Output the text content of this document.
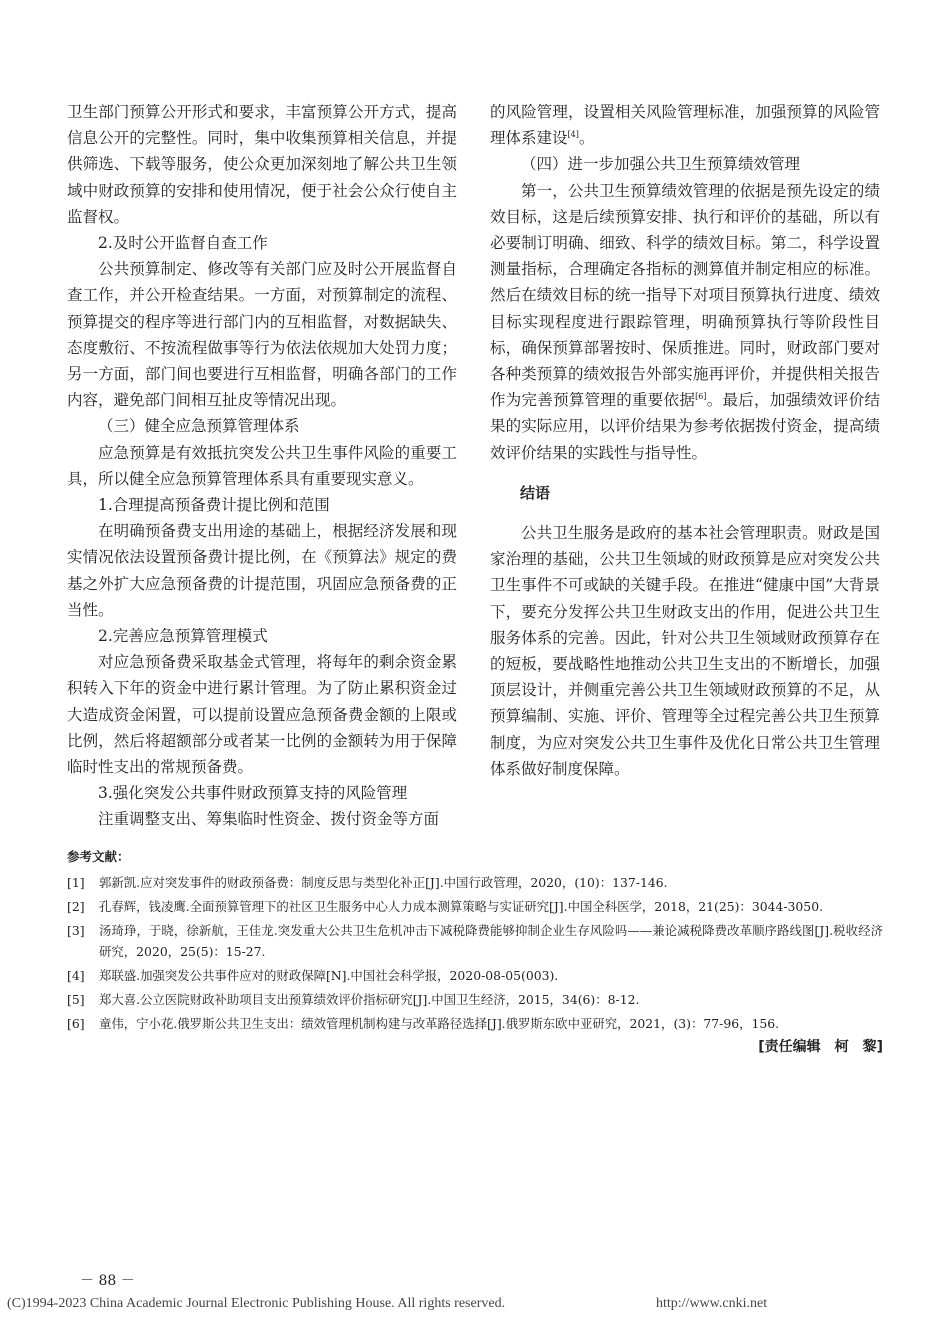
卫生部门预算公开形式和要求，丰富预算公开方式，提高信息公开的完整性。同时，集中收集预算相关信息，并提供筛选、下载等服务，使公众更加深刻地了解公共卫生领域中财政预算的安排和使用情况，便于社会公众行使自主监督权。

2.及时公开监督自查工作

公共预算制定、修改等有关部门应及时公开展监督自查工作，并公开检查结果。一方面，对预算制定的流程、预算提交的程序等进行部门内的互相监督，对数据缺失、态度敷衍、不按流程做事等行为依法依规加大处罚力度；另一方面，部门间也要进行互相监督，明确各部门的工作内容，避免部门间相互扯皮等情况出现。

（三）健全应急预算管理体系

应急预算是有效抵抗突发公共卫生事件风险的重要工具，所以健全应急预算管理体系具有重要现实意义。

1.合理提高预备费计提比例和范围

在明确预备费支出用途的基础上，根据经济发展和现实情况依法设置预备费计提比例，在《预算法》规定的费基之外扩大应急预备费的计提范围，巩固应急预备费的正当性。

2.完善应急预算管理模式

对应急预备费采取基金式管理，将每年的剩余资金累积转入下年的资金中进行累计管理。为了防止累积资金过大造成资金闲置，可以提前设置应急预备费金额的上限或比例，然后将超额部分或者某一比例的金额转为用于保障临时性支出的常规预备费。

3.强化突发公共事件财政预算支持的风险管理

注重调整支出、筹集临时性资金、拨付资金等方面

的风险管理，设置相关风险管理标准，加强预算的风险管理体系建设[4]。

（四）进一步加强公共卫生预算绩效管理

第一，公共卫生预算绩效管理的依据是预先设定的绩效目标，这是后续预算安排、执行和评价的基础，所以有必要制订明确、细致、科学的绩效目标。第二，科学设置测量指标，合理确定各指标的测算值并制定相应的标准。然后在绩效目标的统一指导下对项目预算执行进度、绩效目标实现程度进行跟踪管理，明确预算执行等阶段性目标，确保预算部署按时、保质推进。同时，财政部门要对各种类预算的绩效报告外部实施再评价，并提供相关报告作为完善预算管理的重要依据[6]。最后，加强绩效评价结果的实际应用，以评价结果为参考依据拨付资金，提高绩效评价结果的实践性与指导性。

结语

公共卫生服务是政府的基本社会管理职责。财政是国家治理的基础，公共卫生领域的财政预算是应对突发公共卫生事件不可或缺的关键手段。在推进“健康中国”大背景下，要充分发挥公共卫生财政支出的作用，促进公共卫生服务体系的完善。因此，针对公共卫生领域财政预算存在的短板，要战略性地推动公共卫生支出的不断增长，加强顶层设计，并侧重完善公共卫生领域财政预算的不足，从预算编制、实施、评价、管理等全过程完善公共卫生预算制度，为应对突发公共卫生事件及优化日常公共卫生管理体系做好制度保障。

参考文献：
[1]	郭新凯.应对突发事件的财政预备费：制度反思与类型化补正[J].中国行政管理，2020，(10)：137-146.
[2]	孔春辉，钱凌鹰.全面预算管理下的社区卫生服务中心人力成本测算策略与实证研究[J].中国全科医学，2018，21(25)：3044-3050.
[3]	汤琦琤，于晓，徐新航，王佳龙.突发重大公共卫生危机冲击下减税降费能够抑制企业生存风险吗——兼论减税降费改革顺序路线图[J].税收经济研究，2020，25(5)：15-27.
[4]	郑联盛.加强突发公共事件应对的财政保障[N].中国社会科学报，2020-08-05(003).
[5]	郑大喜.公立医院财政补助项目支出预算绩效评价指标研究[J].中国卫生经济，2015，34(6)：8-12.
[6]	童伟，宁小花.俄罗斯公共卫生支出：绩效管理机制构建与改革路径选择[J].俄罗斯东欧中亚研究，2021，(3)：77-96，156.
[责任编辑　柯　黎]
－ 88 －
(C)1994-2023 China Academic Journal Electronic Publishing House. All rights reserved.	http://www.cnki.net
